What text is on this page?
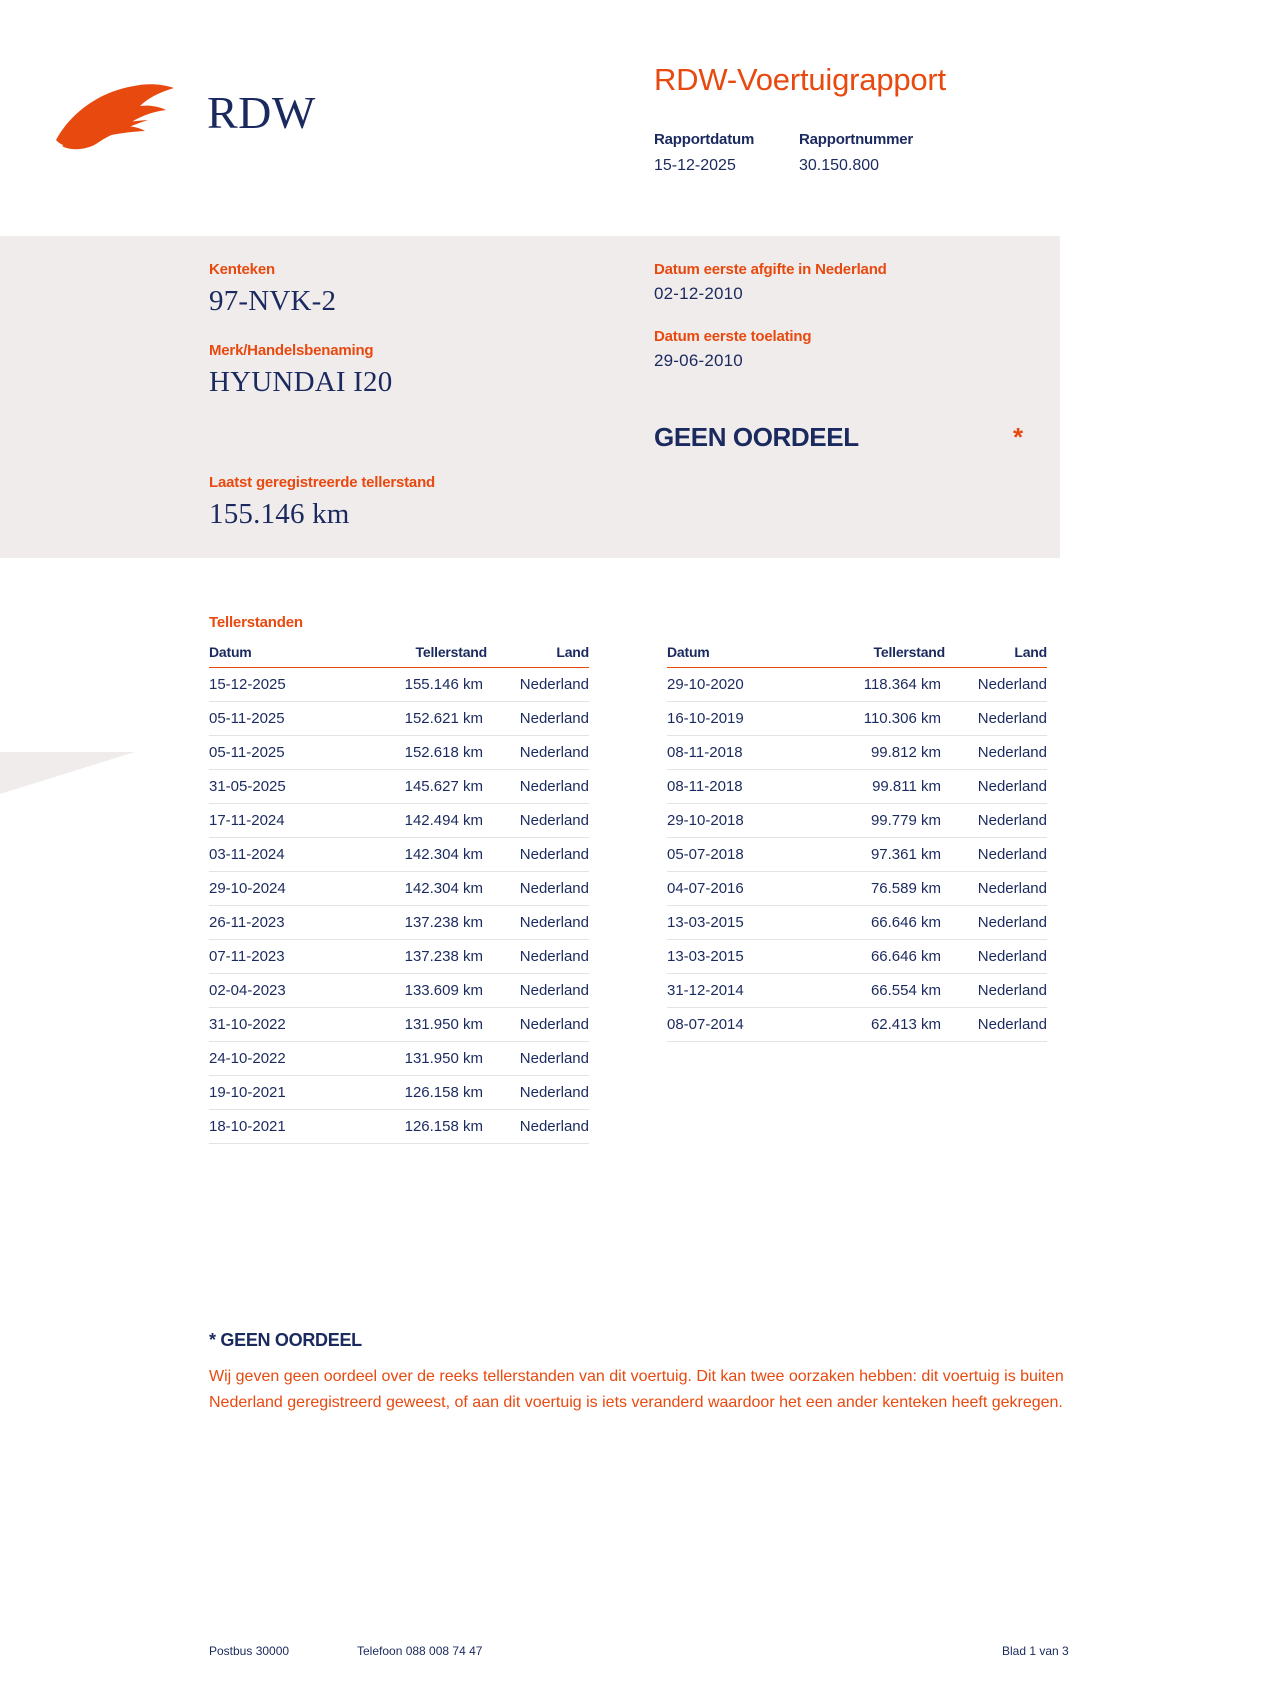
RDW
RDW-Voertuigrapport
Rapportdatum
15-12-2025
Rapportnummer
30.150.800
Kenteken
97-NVK-2
Merk/Handelsbenaming
HYUNDAI I20
Laatst geregistreerde tellerstand
155.146 km
Datum eerste afgifte in Nederland
02-12-2010
Datum eerste toelating
29-06-2010
GEEN OORDEEL	*
Tellerstanden
Datum	Tellerstand	Land
15-12-2025	155.146 km	Nederland
05-11-2025	152.621 km	Nederland
05-11-2025	152.618 km	Nederland
31-05-2025	145.627 km	Nederland
17-11-2024	142.494 km	Nederland
03-11-2024	142.304 km	Nederland
29-10-2024	142.304 km	Nederland
26-11-2023	137.238 km	Nederland
07-11-2023	137.238 km	Nederland
02-04-2023	133.609 km	Nederland
31-10-2022	131.950 km	Nederland
24-10-2022	131.950 km	Nederland
19-10-2021	126.158 km	Nederland
18-10-2021	126.158 km	Nederland
Datum	Tellerstand	Land
29-10-2020	118.364 km	Nederland
16-10-2019	110.306 km	Nederland
08-11-2018	99.812 km	Nederland
08-11-2018	99.811 km	Nederland
29-10-2018	99.779 km	Nederland
05-07-2018	97.361 km	Nederland
04-07-2016	76.589 km	Nederland
13-03-2015	66.646 km	Nederland
13-03-2015	66.646 km	Nederland
31-12-2014	66.554 km	Nederland
08-07-2014	62.413 km	Nederland
* GEEN OORDEEL
Wij geven geen oordeel over de reeks tellerstanden van dit voertuig. Dit kan twee oorzaken hebben: dit voertuig is buiten Nederland geregistreerd geweest, of aan dit voertuig is iets veranderd waardoor het een ander kenteken heeft gekregen.
Postbus 30000	Telefoon 088 008 74 47	Blad 1 van 3
